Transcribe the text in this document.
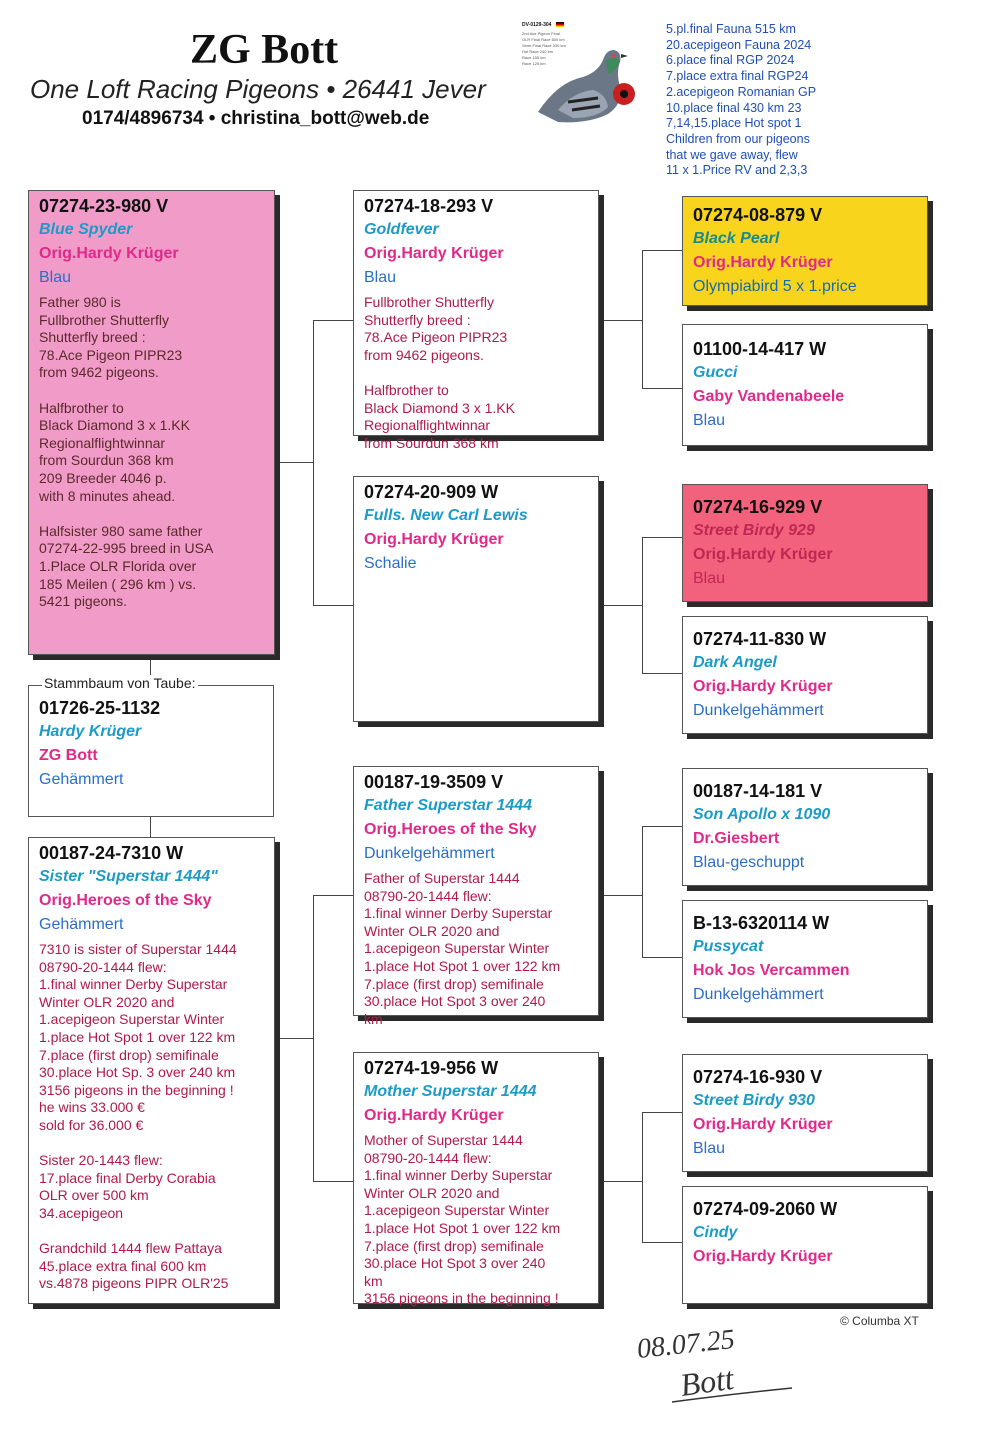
ZG Bott
One Loft Racing Pigeons • 26441 Jever
0174/4896734 • christina_bott@web.de
DV-0129-304
2nd Ace Pigeon Final
OLR Final Race 600 km
Semi-Final Race 330 km
Hot Race 240 km
Race 155 km
Race 125 km
5.pl.final Fauna 515 km
20.acepigeon Fauna 2024
6.place final RGP 2024
7.place extra final RGP24
2.acepigeon Romanian GP
10.place final 430 km 23
7,14,15.place Hot spot 1
Children from our pigeons
that we gave away, flew
11 x 1.Price RV and 2,3,3
07274-23-980 V
Blue Spyder
Orig.Hardy Krüger
Blau
Father 980 is
Fullbrother Shutterfly
Shutterfly breed :
78.Ace Pigeon PIPR23
from 9462 pigeons.
Halfbrother to
Black Diamond 3 x 1.KK
Regionalflightwinnar
from Sourdun 368 km
209 Breeder 4046 p.
with 8 minutes ahead.
Halfsister 980 same father
07274-22-995 breed in USA
1.Place OLR Florida over
185 Meilen ( 296 km ) vs.
5421 pigeons.
01726-25-1132
Hardy Krüger
ZG Bott
Gehämmert
Stammbaum von Taube:
00187-24-7310 W
Sister "Superstar 1444"
Orig.Heroes of the Sky
Gehämmert
7310 is sister of Superstar 1444
08790-20-1444 flew:
1.final winner Derby Superstar
Winter OLR 2020 and
1.acepigeon Superstar Winter
1.place Hot Spot 1 over 122 km
7.place (first drop) semifinale
30.place Hot Sp. 3 over 240 km
3156 pigeons in the beginning !
he wins 33.000 €
sold for 36.000 €
Sister 20-1443 flew:
17.place final Derby Corabia
OLR over 500 km
34.acepigeon
Grandchild 1444 flew Pattaya
45.place extra final 600 km
vs.4878 pigeons PIPR OLR'25
07274-18-293 V
Goldfever
Orig.Hardy Krüger
Blau
Fullbrother Shutterfly
Shutterfly breed :
78.Ace Pigeon PIPR23
from 9462 pigeons.
Halfbrother to
Black Diamond 3 x 1.KK
Regionalflightwinnar
from Sourdun 368 km
07274-20-909 W
Fulls. New Carl Lewis
Orig.Hardy Krüger
Schalie
00187-19-3509 V
Father Superstar 1444
Orig.Heroes of the Sky
Dunkelgehämmert
Father of Superstar 1444
08790-20-1444 flew:
1.final winner Derby Superstar
Winter OLR 2020 and
1.acepigeon Superstar Winter
1.place Hot Spot 1 over 122 km
7.place (first drop) semifinale
30.place Hot Spot 3 over 240
km
07274-19-956 W
Mother Superstar 1444
Orig.Hardy Krüger
Mother of Superstar 1444
08790-20-1444 flew:
1.final winner Derby Superstar
Winter OLR 2020 and
1.acepigeon Superstar Winter
1.place Hot Spot 1 over 122 km
7.place (first drop) semifinale
30.place Hot Spot 3 over 240
km
3156 pigeons in the beginning !
07274-08-879 V
Black Pearl
Orig.Hardy Krüger
Olympiabird 5 x 1.price
01100-14-417 W
Gucci
Gaby Vandenabeele
Blau
07274-16-929 V
Street Birdy 929
Orig.Hardy Krüger
Blau
07274-11-830 W
Dark Angel
Orig.Hardy Krüger
Dunkelgehämmert
00187-14-181 V
Son Apollo x 1090
Dr.Giesbert
Blau-geschuppt
B-13-6320114 W
Pussycat
Hok Jos Vercammen
Dunkelgehämmert
07274-16-930 V
Street Birdy 930
Orig.Hardy Krüger
Blau
07274-09-2060 W
Cindy
Orig.Hardy Krüger
© Columba XT
08.07.25
Bott
